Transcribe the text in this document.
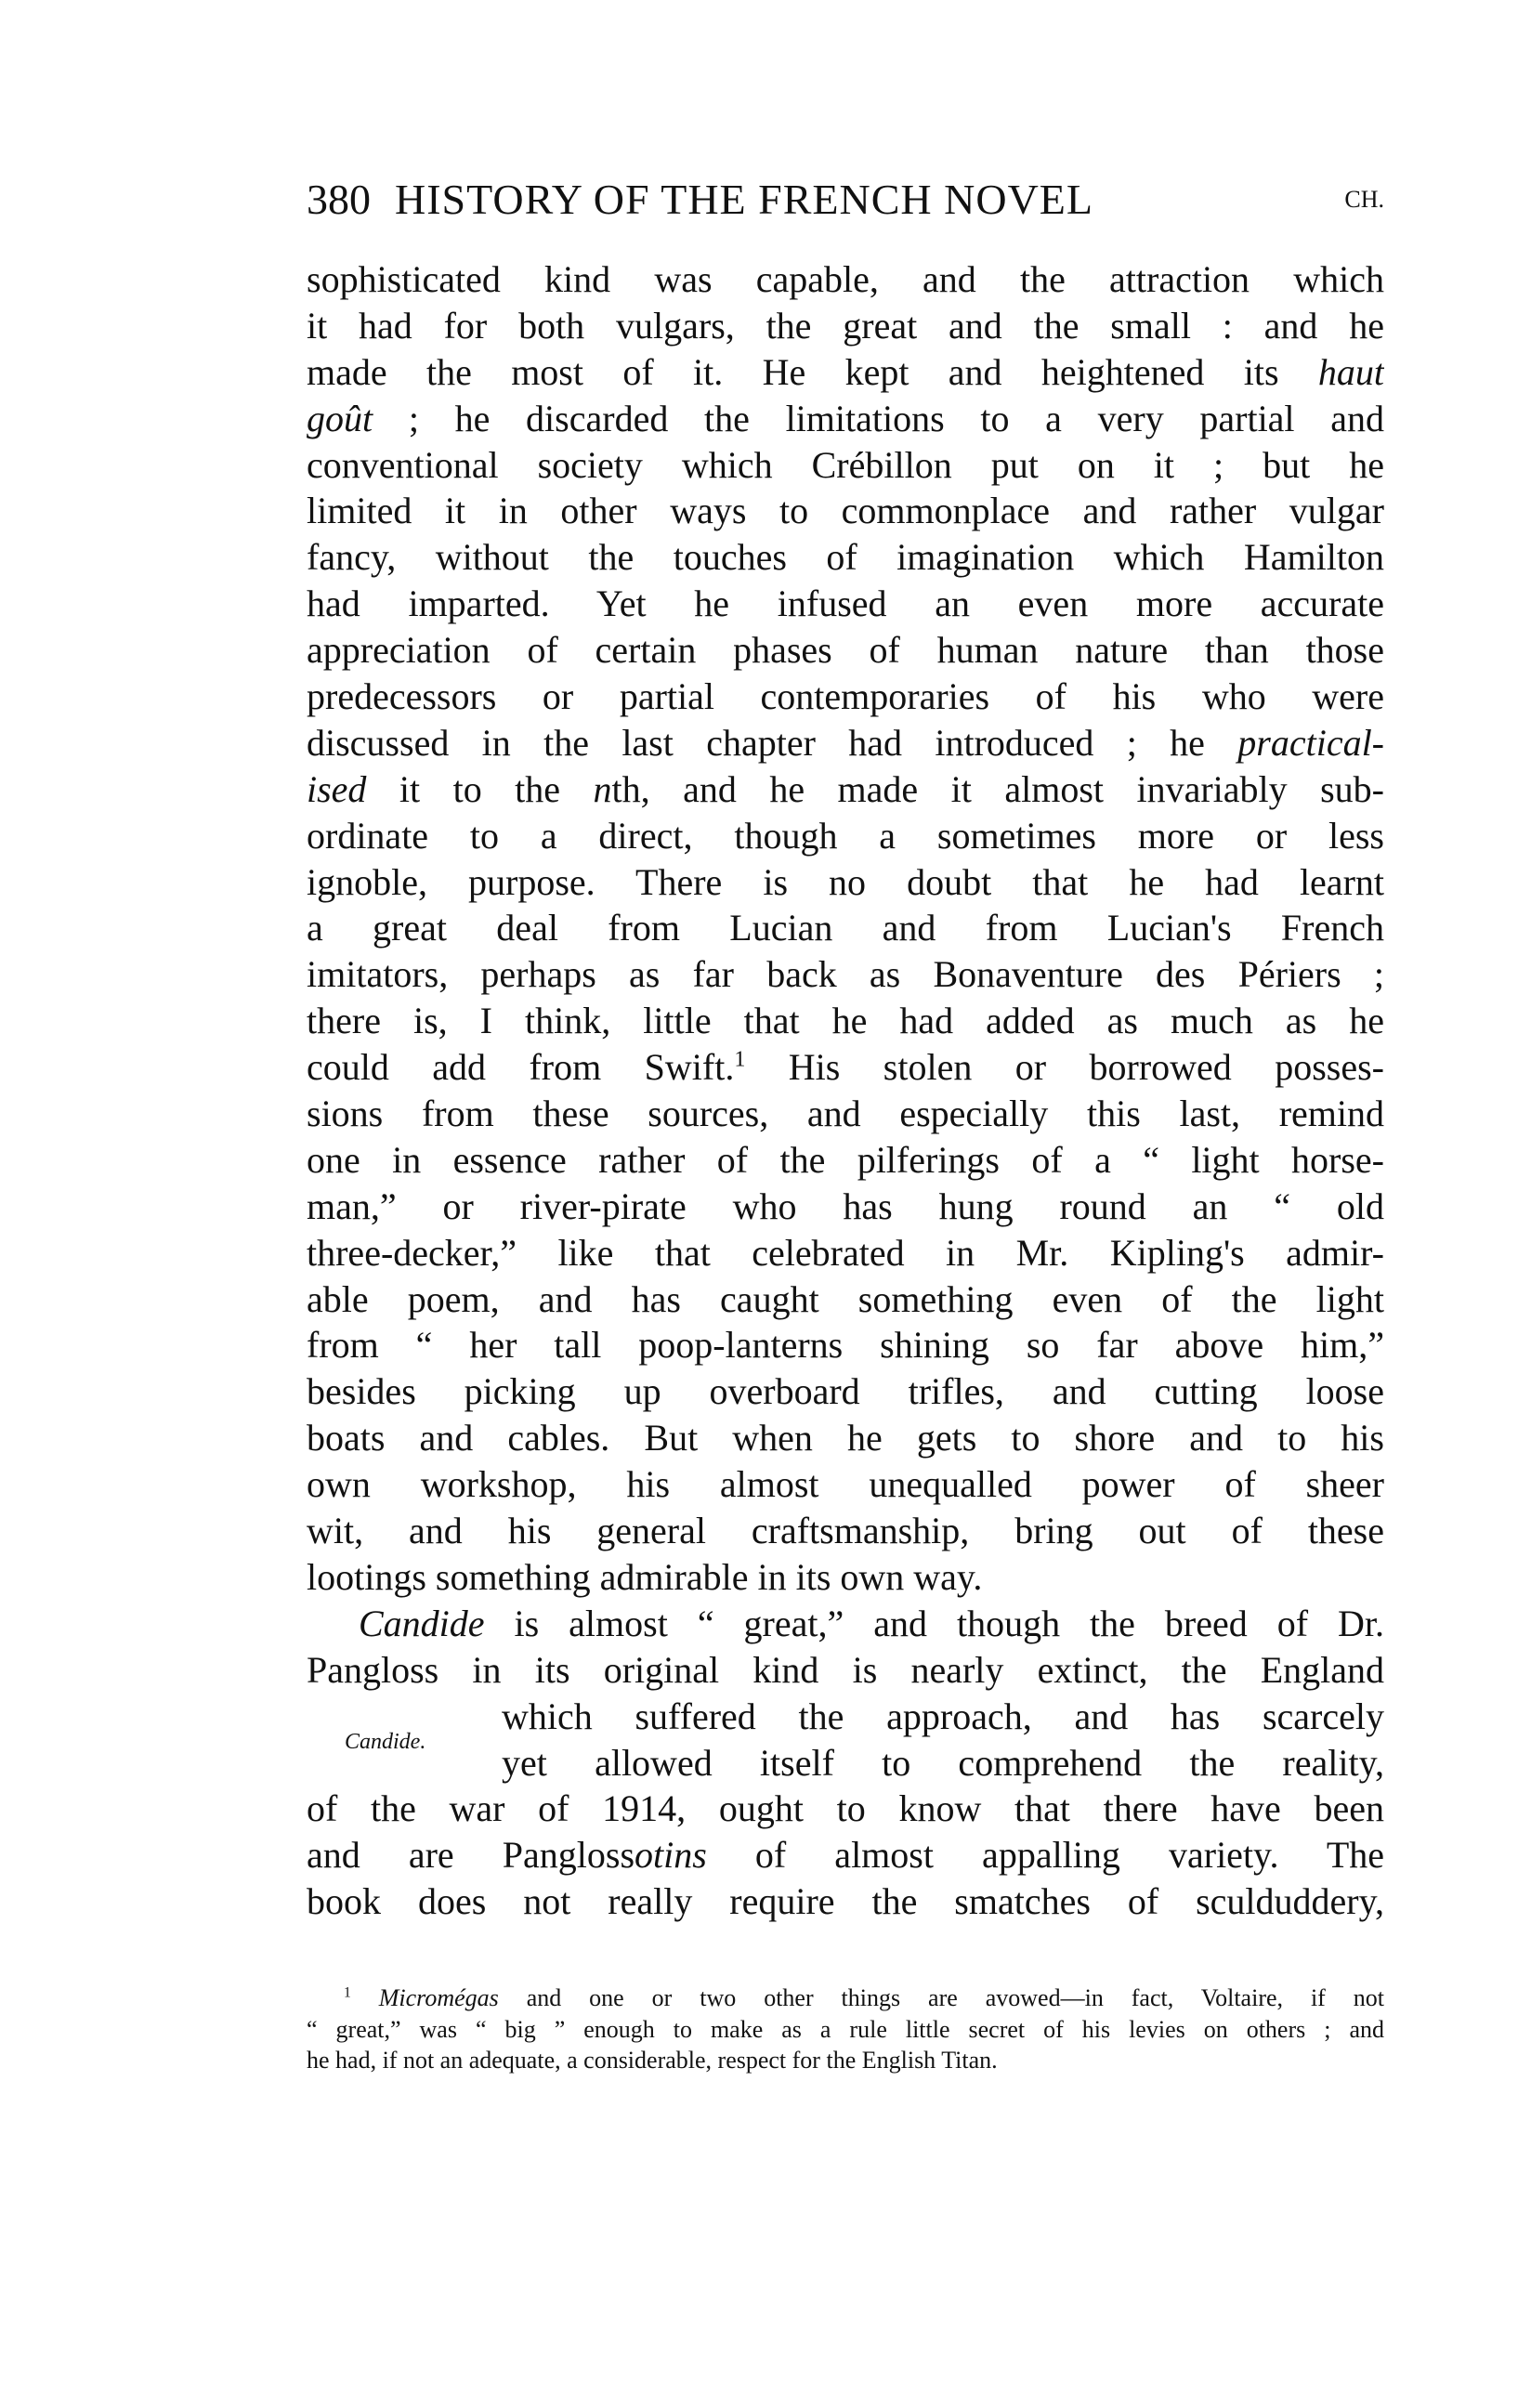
380 HISTORY OF THE FRENCH NOVEL	CH.
sophisticated kind was capable, and the attraction which
it had for both vulgars, the great and the small : and he
made the most of it. He kept and heightened its haut
goût ; he discarded the limitations to a very partial and
conventional society which Crébillon put on it ; but he
limited it in other ways to commonplace and rather vulgar
fancy, without the touches of imagination which Hamilton
had imparted. Yet he infused an even more accurate
appreciation of certain phases of human nature than those
predecessors or partial contemporaries of his who were
discussed in the last chapter had introduced ; he practical-
ised it to the nth, and he made it almost invariably sub-
ordinate to a direct, though a sometimes more or less
ignoble, purpose. There is no doubt that he had learnt
a great deal from Lucian and from Lucian's French
imitators, perhaps as far back as Bonaventure des Périers ;
there is, I think, little that he had added as much as he
could add from Swift.$^1$ His stolen or borrowed posses-
sions from these sources, and especially this last, remind
one in essence rather of the pilferings of a “ light horse-
man,” or river-pirate who has hung round an “ old
three-decker,” like that celebrated in Mr. Kipling's admir-
able poem, and has caught something even of the light
from “ her tall poop-lanterns shining so far above him,”
besides picking up overboard trifles, and cutting loose
boats and cables. But when he gets to shore and to his
own workshop, his almost unequalled power of sheer
wit, and his general craftsmanship, bring out of these
lootings something admirable in its own way.
Candide is almost “ great,” and though the breed of Dr.
Pangloss in its original kind is nearly extinct, the England
which suffered the approach, and has scarcely
yet allowed itself to comprehend the reality,
of the war of 1914, ought to know that there have been
and are Panglossotins of almost appalling variety. The
book does not really require the smatches of sculduddery,
Candide.
$^1$ Micromégas and one or two other things are avowed—in fact, Voltaire, if not
“ great,” was “ big ” enough to make as a rule little secret of his levies on others ; and
he had, if not an adequate, a considerable, respect for the English Titan.
